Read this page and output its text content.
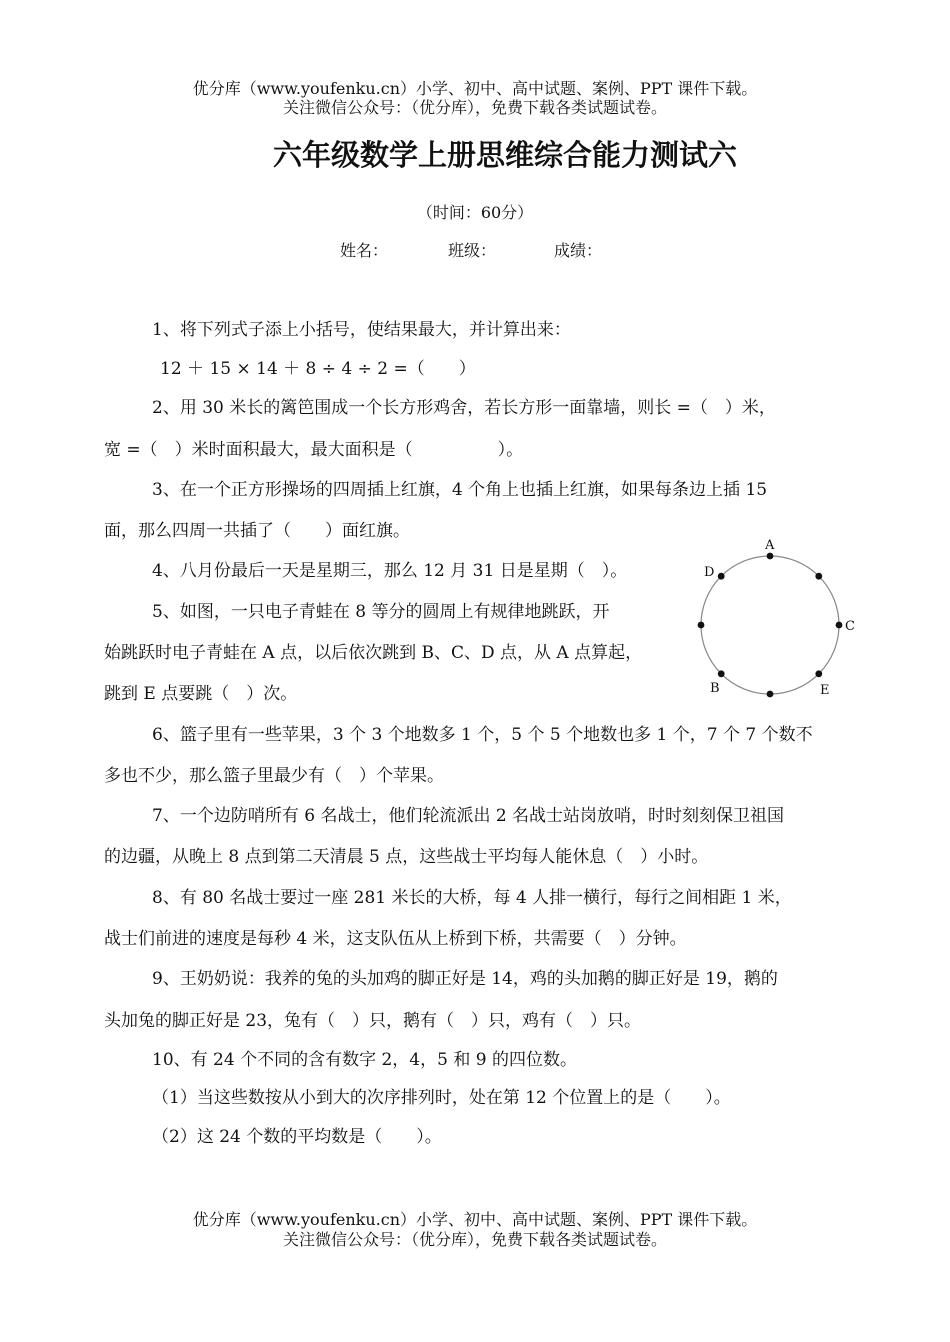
优分库（www.youfenku.cn）小学、初中、高中试题、案例、PPT 课件下载。
关注微信公众号：（优分库），免费下载各类试题试卷。
六年级数学上册思维综合能力测试六
（时间：60分）
姓名：	班级：	成绩：
1、将下列式子添上小括号，使结果最大，并计算出来：
12 ＋ 15 × 14 ＋ 8 ÷ 4 ÷ 2 =（　　）
2、用 30 米长的篱笆围成一个长方形鸡舍，若长方形一面靠墙，则长 =（　）米，
宽 =（　）米时面积最大，最大面积是（　　　　　）。
3、在一个正方形操场的四周插上红旗，4 个角上也插上红旗，如果每条边上插 15
面，那么四周一共插了（　　）面红旗。
4、八月份最后一天是星期三，那么 12 月 31 日是星期（　）。
5、如图，一只电子青蛙在 8 等分的圆周上有规律地跳跃，开
始跳跃时电子青蛙在 A 点，以后依次跳到 B、C、D 点，从 A 点算起，
跳到 E 点要跳（　）次。
A
D
C
B	E
6、篮子里有一些苹果，3 个 3 个地数多 1 个，5 个 5 个地数也多 1 个，7 个 7 个数不
多也不少，那么篮子里最少有（　）个苹果。
7、一个边防哨所有 6 名战士，他们轮流派出 2 名战士站岗放哨，时时刻刻保卫祖国
的边疆，从晚上 8 点到第二天清晨 5 点，这些战士平均每人能休息（　）小时。
8、有 80 名战士要过一座 281 米长的大桥，每 4 人排一横行，每行之间相距 1 米，
战士们前进的速度是每秒 4 米，这支队伍从上桥到下桥，共需要（　）分钟。
9、王奶奶说：我养的兔的头加鸡的脚正好是 14，鸡的头加鹅的脚正好是 19，鹅的
头加兔的脚正好是 23，兔有（　）只，鹅有（　）只，鸡有（　）只。
10、有 24 个不同的含有数字 2，4，5 和 9 的四位数。
（1）当这些数按从小到大的次序排列时，处在第 12 个位置上的是（　　）。
（2）这 24 个数的平均数是（　　）。
优分库（www.youfenku.cn）小学、初中、高中试题、案例、PPT 课件下载。
关注微信公众号：（优分库），免费下载各类试题试卷。
